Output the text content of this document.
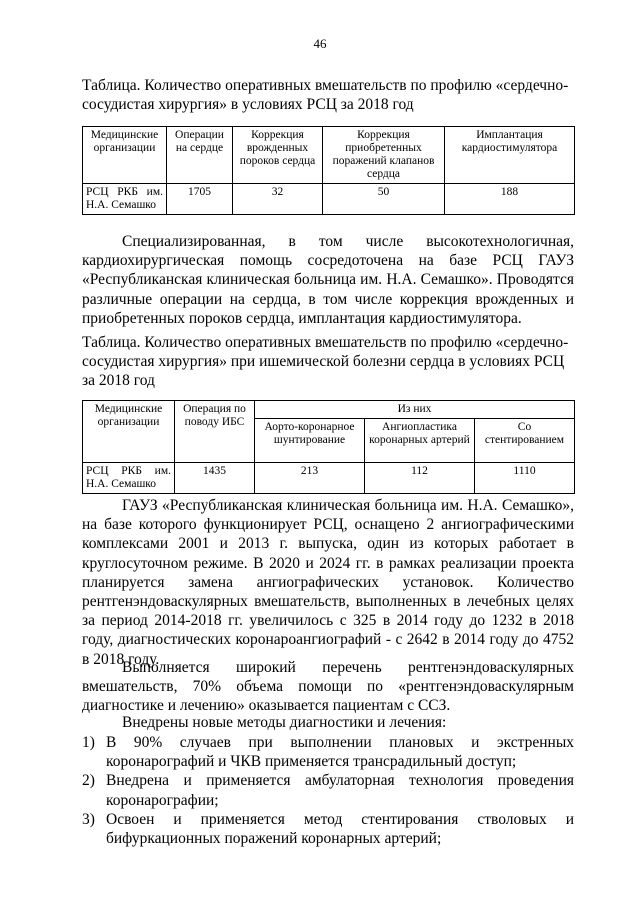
46
Таблица. Количество оперативных вмешательств по профилю «сердечно-сосудистая хирургия» в условиях РСЦ за 2018 год
Медицинские организации	Операции на сердце	Коррекция врожденных пороков сердца	Коррекция приобретенных поражений клапанов сердца	Имплантация кардиостимулятора
РСЦ РКБ им.
Н.А. Семашко	1705	32	50	188

Специализированная, в том числе высокотехнологичная, кардиохирургическая помощь сосредоточена на базе РСЦ ГАУЗ «Республиканская клиническая больница им. Н.А. Семашко». Проводятся различные операции на сердца, в том числе коррекция врожденных и приобретенных пороков сердца, имплантация кардиостимулятора.

Таблица. Количество оперативных вмешательств по профилю «сердечно-сосудистая хирургия» при ишемической болезни сердца в условиях РСЦ за 2018 год
Медицинские организации	Операция по поводу ИБС	Из них		
		Аорто-коронарное шунтирование	Ангиопластика коронарных артерий	Со стентированием
РСЦ РКБ им.
Н.А. Семашко	1435	213	112	1110

ГАУЗ «Республиканская клиническая больница им. Н.А. Семашко», на базе которого функционирует РСЦ, оснащено 2 ангиографическими комплексами 2001 и 2013 г. выпуска, один из которых работает в круглосуточном режиме. В 2020 и 2024 гг. в рамках реализации проекта планируется замена ангиографических установок. Количество рентгенэндоваскулярных вмешательств, выполненных в лечебных целях за период 2014-2018 гг. увеличилось с 325 в 2014 году до 1232 в 2018 году, диагностических коронароангиографий - с 2642 в 2014 году до 4752 в 2018 году.

Выполняется широкий перечень рентгенэндоваскулярных вмешательств, 70% объема помощи по «рентгенэндоваскулярным диагностике и лечению» оказывается пациентам с ССЗ.

Внедрены новые методы диагностики и лечения:

1) В 90% случаев при выполнении плановых и экстренных коронарографий и ЧКВ применяется трансрадильный доступ;
2) Внедрена и применяется амбулаторная технология проведения коронарографии;
3) Освоен и применяется метод стентирования стволовых и бифуркационных поражений коронарных артерий;
